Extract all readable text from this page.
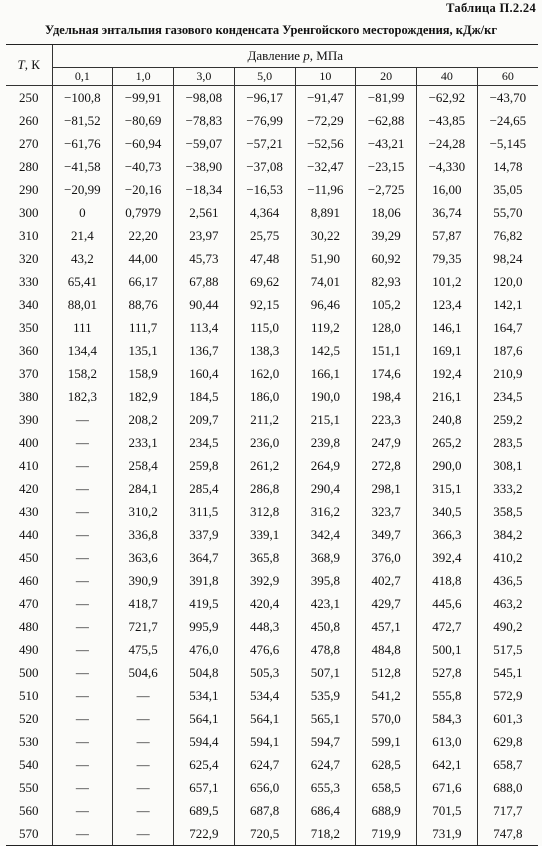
Таблица П.2.24
Удельная энтальпия газового конденсата Уренгойского месторождения, кДж/кг
T, К	Давление p, МПа							
	0,1	1,0	3,0	5,0	10	20	40	60
250	−100,8	−99,91	−98,08	−96,17	−91,47	−81,99	−62,92	−43,70
260	−81,52	−80,69	−78,83	−76,99	−72,29	−62,88	−43,85	−24,65
270	−61,76	−60,94	−59,07	−57,21	−52,56	−43,21	−24,28	−5,145
280	−41,58	−40,73	−38,90	−37,08	−32,47	−23,15	−4,330	14,78
290	−20,99	−20,16	−18,34	−16,53	−11,96	−2,725	16,00	35,05
300	0	0,7979	2,561	4,364	8,891	18,06	36,74	55,70
310	21,4	22,20	23,97	25,75	30,22	39,29	57,87	76,82
320	43,2	44,00	45,73	47,48	51,90	60,92	79,35	98,24
330	65,41	66,17	67,88	69,62	74,01	82,93	101,2	120,0
340	88,01	88,76	90,44	92,15	96,46	105,2	123,4	142,1
350	111	111,7	113,4	115,0	119,2	128,0	146,1	164,7
360	134,4	135,1	136,7	138,3	142,5	151,1	169,1	187,6
370	158,2	158,9	160,4	162,0	166,1	174,6	192,4	210,9
380	182,3	182,9	184,5	186,0	190,0	198,4	216,1	234,5
390	—	208,2	209,7	211,2	215,1	223,3	240,8	259,2
400	—	233,1	234,5	236,0	239,8	247,9	265,2	283,5
410	—	258,4	259,8	261,2	264,9	272,8	290,0	308,1
420	—	284,1	285,4	286,8	290,4	298,1	315,1	333,2
430	—	310,2	311,5	312,8	316,2	323,7	340,5	358,5
440	—	336,8	337,9	339,1	342,4	349,7	366,3	384,2
450	—	363,6	364,7	365,8	368,9	376,0	392,4	410,2
460	—	390,9	391,8	392,9	395,8	402,7	418,8	436,5
470	—	418,7	419,5	420,4	423,1	429,7	445,6	463,2
480	—	721,7	995,9	448,3	450,8	457,1	472,7	490,2
490	—	475,5	476,0	476,6	478,8	484,8	500,1	517,5
500	—	504,6	504,8	505,3	507,1	512,8	527,8	545,1
510	—	—	534,1	534,4	535,9	541,2	555,8	572,9
520	—	—	564,1	564,1	565,1	570,0	584,3	601,3
530	—	—	594,4	594,1	594,7	599,1	613,0	629,8
540	—	—	625,4	624,7	624,7	628,5	642,1	658,7
550	—	—	657,1	656,0	655,3	658,5	671,6	688,0
560	—	—	689,5	687,8	686,4	688,9	701,5	717,7
570	—	—	722,9	720,5	718,2	719,9	731,9	747,8
